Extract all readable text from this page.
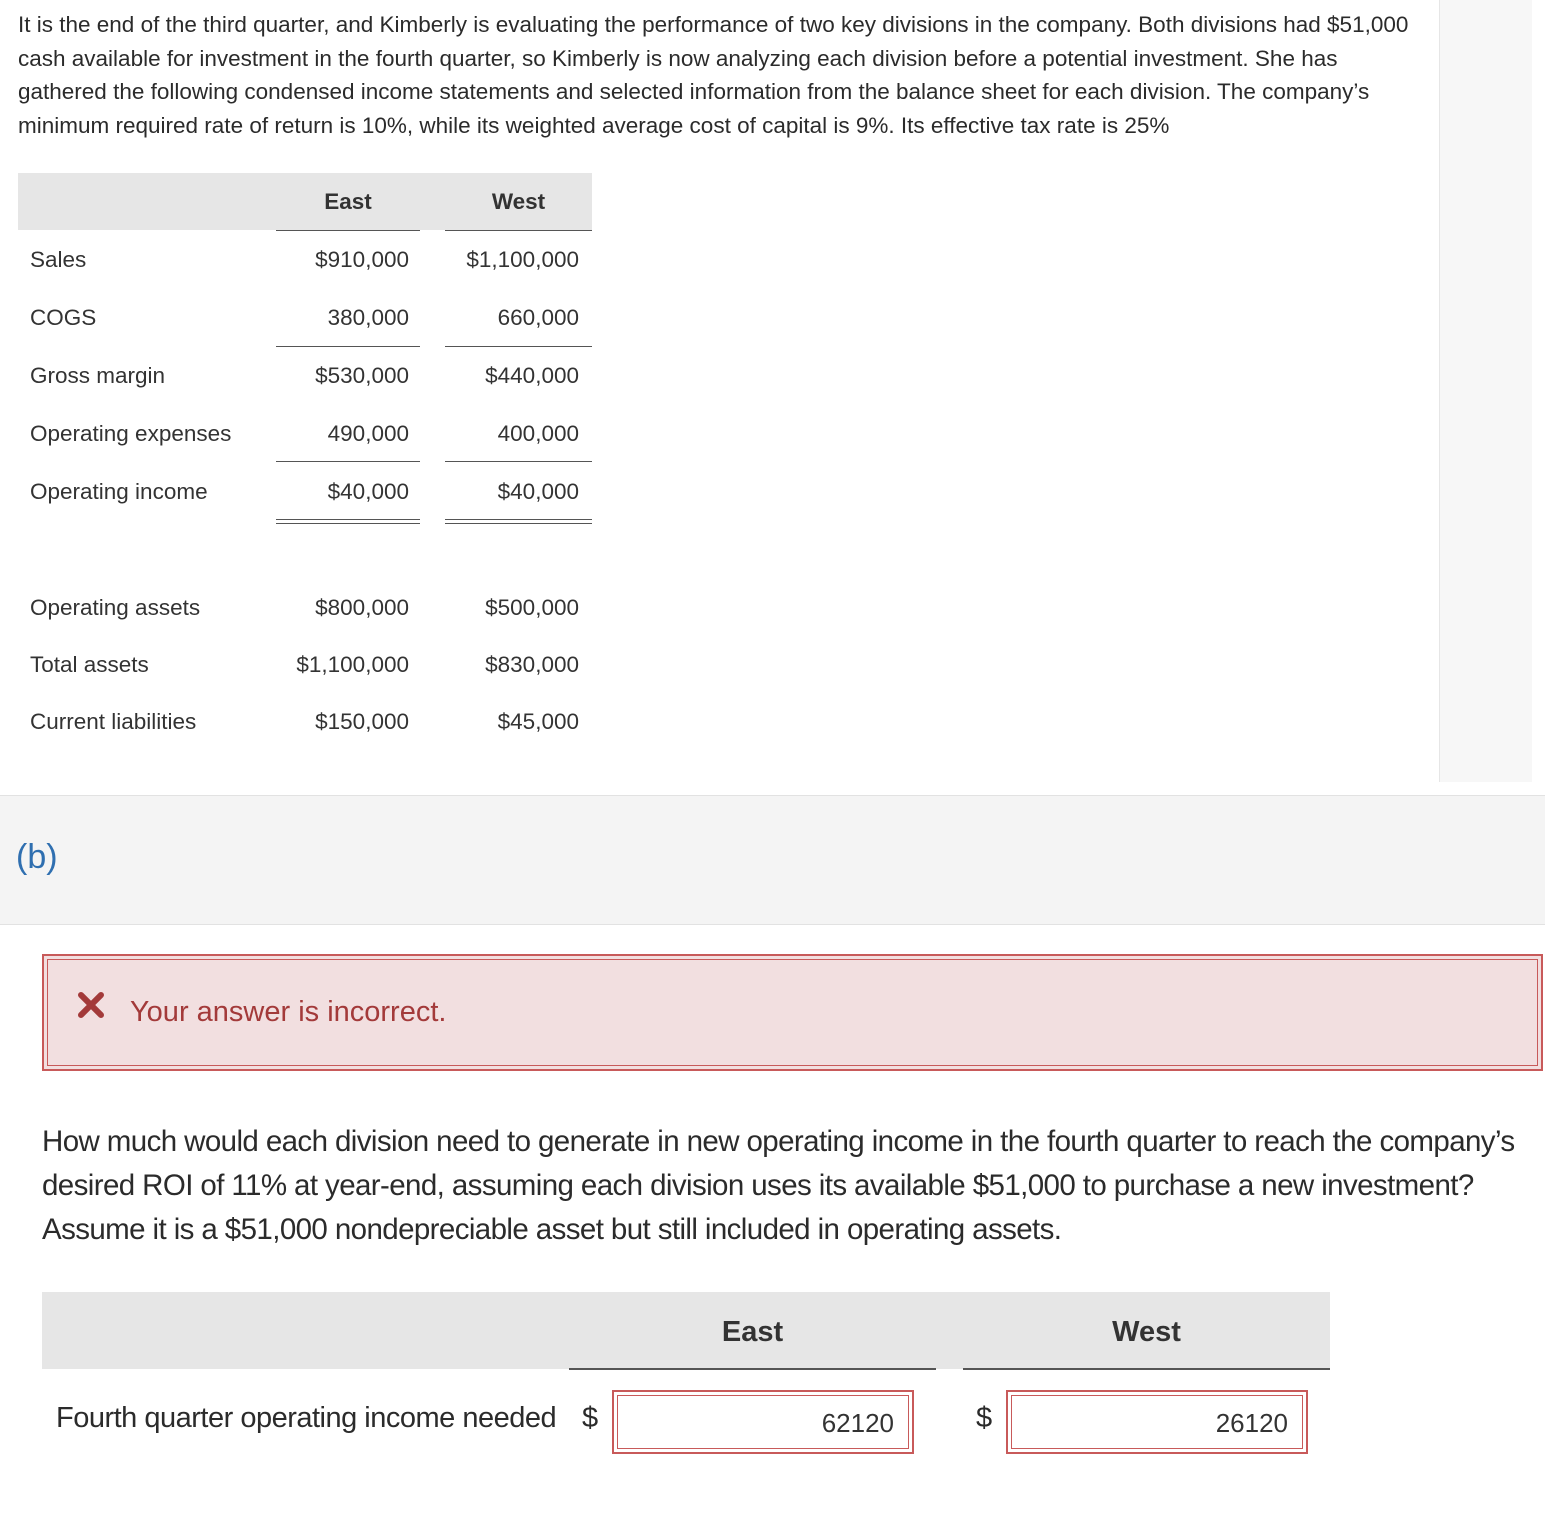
It is the end of the third quarter, and Kimberly is evaluating the performance of two key divisions in the company. Both divisions had $51,000 cash available for investment in the fourth quarter, so Kimberly is now analyzing each division before a potential investment. She has gathered the following condensed income statements and selected information from the balance sheet for each division. The company’s minimum required rate of return is 10%, while its weighted average cost of capital is 9%. Its effective tax rate is 25%
East	West
Sales	$910,000	$1,100,000
COGS	380,000	660,000
Gross margin	$530,000	$440,000
Operating expenses	490,000	400,000
Operating income	$40,000	$40,000
Operating assets	$800,000	$500,000
Total assets	$1,100,000	$830,000
Current liabilities	$150,000	$45,000
(b)
Your answer is incorrect.
How much would each division need to generate in new operating income in the fourth quarter to reach the company’s desired ROI of 11% at year-end, assuming each division uses its available $51,000 to purchase a new investment? Assume it is a $51,000 nondepreciable asset but still included in operating assets.
East	West
Fourth quarter operating income needed $	62120	$	26120
